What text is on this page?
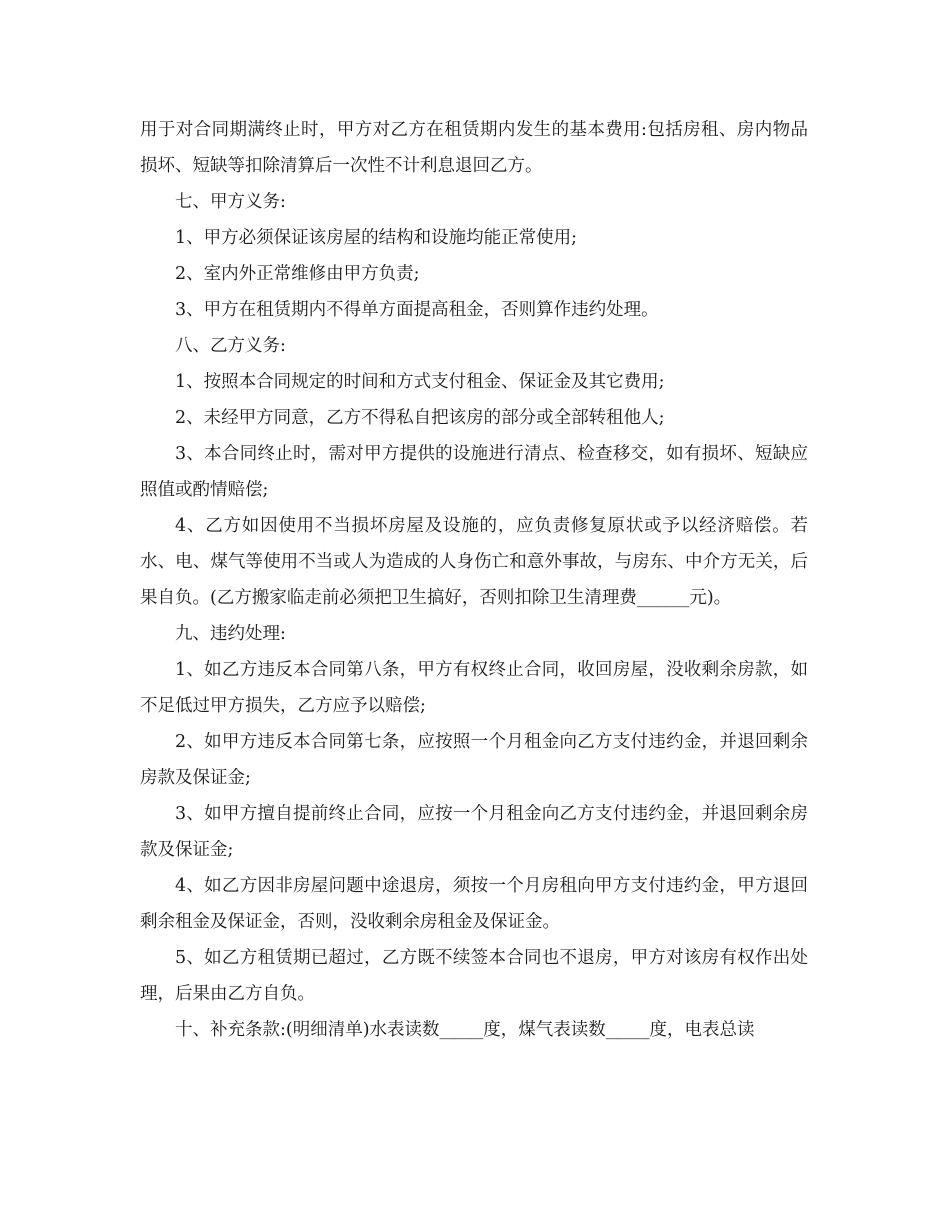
用于对合同期满终止时，甲方对乙方在租赁期内发生的基本费用:包括房租、房内物品损坏、短缺等扣除清算后一次性不计利息退回乙方。

七、甲方义务:

1、甲方必须保证该房屋的结构和设施均能正常使用;

2、室内外正常维修由甲方负责;

3、甲方在租赁期内不得单方面提高租金，否则算作违约处理。

八、乙方义务:

1、按照本合同规定的时间和方式支付租金、保证金及其它费用;

2、未经甲方同意，乙方不得私自把该房的部分或全部转租他人;

3、本合同终止时，需对甲方提供的设施进行清点、检查移交，如有损坏、短缺应照值或酌情赔偿;

4、乙方如因使用不当损坏房屋及设施的，应负责修复原状或予以经济赔偿。若水、电、煤气等使用不当或人为造成的人身伤亡和意外事故，与房东、中介方无关，后果自负。(乙方搬家临走前必须把卫生搞好，否则扣除卫生清理费______元)。

九、违约处理:

1、如乙方违反本合同第八条，甲方有权终止合同，收回房屋，没收剩余房款，如不足低过甲方损失，乙方应予以赔偿;

2、如甲方违反本合同第七条，应按照一个月租金向乙方支付违约金，并退回剩余房款及保证金;

3、如甲方擅自提前终止合同，应按一个月租金向乙方支付违约金，并退回剩余房款及保证金;

4、如乙方因非房屋问题中途退房，须按一个月房租向甲方支付违约金，甲方退回剩余租金及保证金，否则，没收剩余房租金及保证金。

5、如乙方租赁期已超过，乙方既不续签本合同也不退房，甲方对该房有权作出处理，后果由乙方自负。

十、补充条款:(明细清单)水表读数_____度，煤气表读数_____度，电表总读
